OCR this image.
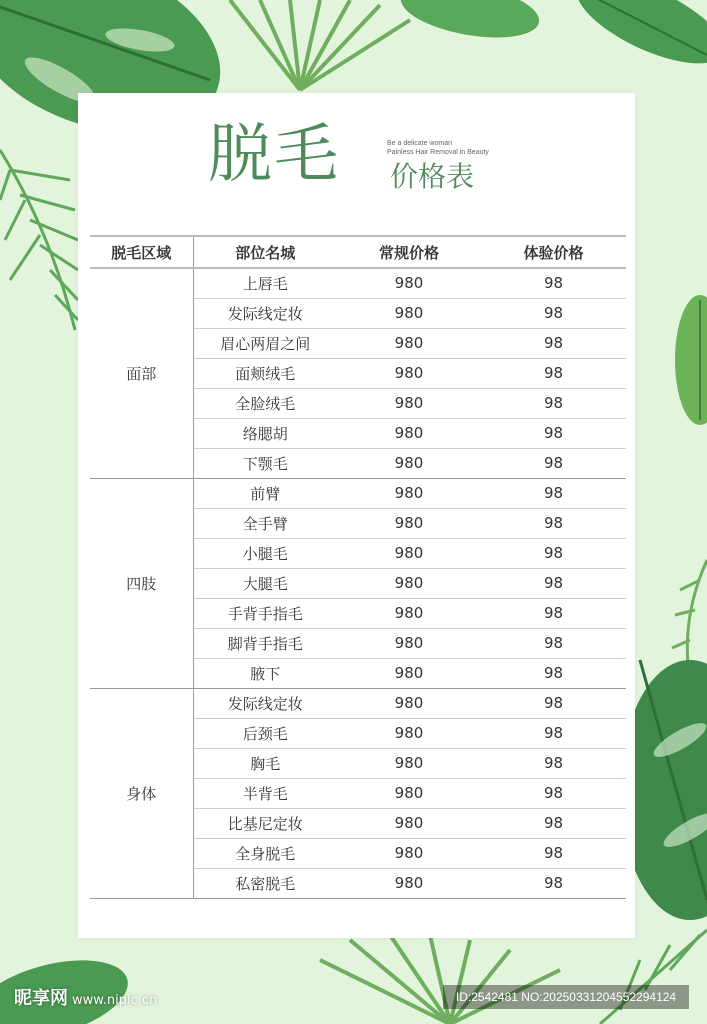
脱毛	Be a delicate woman
Painless Hair Removal in Beauty
价格表
脱毛区域	部位名城	常规价格	体验价格
面部	上唇毛	980	98
	发际线定妆	980	98
	眉心两眉之间	980	98
	面颊绒毛	980	98
	全脸绒毛	980	98
	络腮胡	980	98
	下颚毛	980	98
四肢	前臂	980	98
	全手臂	980	98
	小腿毛	980	98
	大腿毛	980	98
	手背手指毛	980	98
	脚背手指毛	980	98
	腋下	980	98
身体	发际线定妆	980	98
	后颈毛	980	98
	胸毛	980	98
	半背毛	980	98
	比基尼定妆	980	98
	全身脱毛	980	98
	私密脱毛	980	98
昵享网 www.nipic.cn	ID:2542481 NO:20250331204552294124
